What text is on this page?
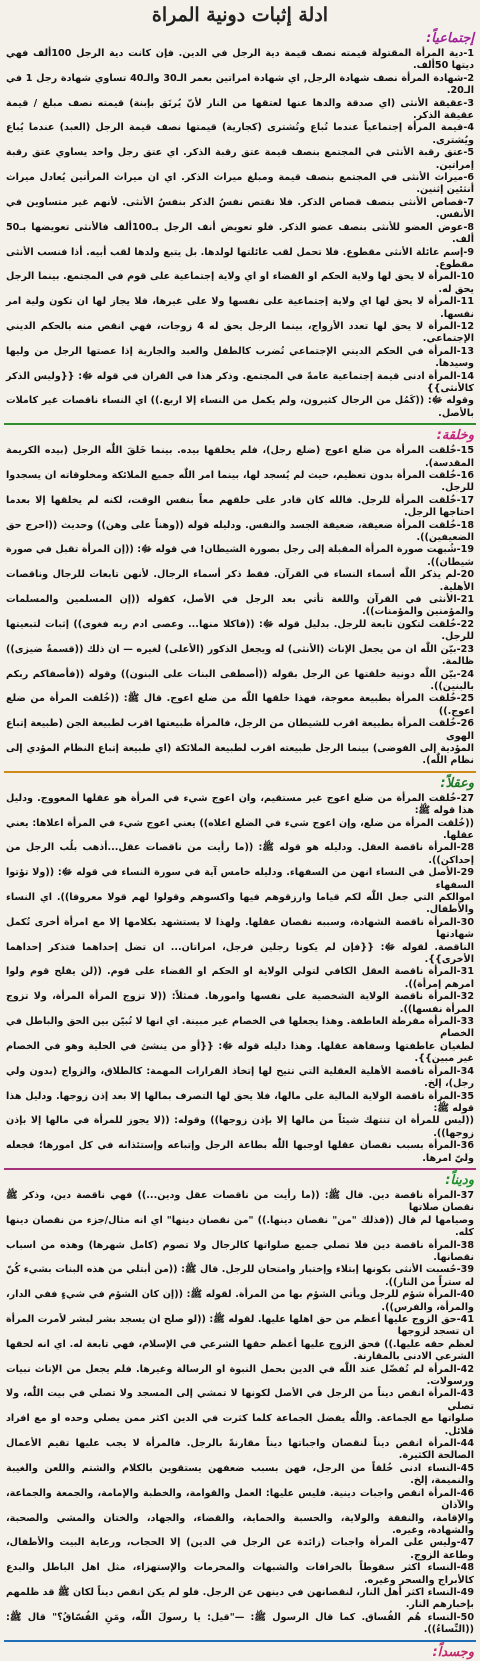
ادلة إثبات دونية المراة
إجتماعياً:
1-دية المرأة المقتولة قيمته نصف قيمة دية الرجل في الدين. فإن كانت دية الرجل 100ألف فهي ديتها 50ألف.
2-شهادة المرأة نصف شهادة الرجل, اي شهادة امراتين بعمر الـ30 والـ40 تساوي شهادة رجل 1 في الـ20.
3-عقيقة الأنثى (اي صدقة والدها عنها لعتقها من النار لأنّ يُرتَق بإبنة) قيمته نصف مبلغ / قيمة عقيقة الذكر.
4-قيمة المرأة إجتماعياً عندما تُباع وتُشترى (كجارية) قيمتها نصف قيمة الرجل (العبد) عندما يُباع ويُشترى.
5-عتق رقبة الأنثى في المجتمع بنصف قيمة عتق رقبة الذكر. اي عتق رجل واحد يساوي عتق رقبة إمراتين.
6-ميراث الأنثى في المجتمع بنصف قيمة ومبلغ ميراث الذكر. اي ان ميراث المرأتين يُعادل ميراث أنثئين إثنين.
7-قصاص الأنثى بنصف قصاص الذكر. فلا نقتص نفسُ الذكر بنفسُ الأنثى. لأنهم غير متساوين في الأنفس.
8-عوض العضو للأنثى بنصف عضو الذكر. فلو تعويض أنف الرجل بـ100ألف فالأنثى تعويضها بـ50 ألف.
9-إسم عائلة الأنثى مقطوع. فلا تحمل لقب عائلتها لولدها. بل يتبع ولدها لقب أبيه. أذا فنسب الأنثى مقطوع.
10-المرأة لا يحق لها ولاية الحكم او القضاء او اي ولاية إجتماعية على قوم في المجتمع. بينما الرجل يحق له.
11-المرأة لا يحق لها اي ولاية إجتماعية على نفسها ولا على غيرها، فلا يجاز لها ان تكون ولية امر نفسها.
12-المرأة لا يحق لها تعدد الأزواج، بينما الرجل يحق له 4 زوجات، فهي انقص منه بالحكم الديني الإجتماعي.
13-المرأة في الحكم الديني الإجتماعي تُضرب كالطفل والعبد والجارية إذا عصتها الرجل من وليها وسيدها.
14-المرأة ادنى قيمة إجتماعية عامةً في المجتمع. وذكر هذا في القران في قوله ﷻ: {{وليس الذكر كالأنثى}}
وقوله ﷻ: ((كَمُل من الرجال كثيرون، ولم يكمل من النساء إلا اربع.)) اي النساء ناقصات غير كاملات بالأصل.
وخلقة:
15-خُلقت المرأة من ضلع اعوج (ضلع رجل)، فلم يخلقها بيده. بينما خَلقَ اللّٰه الرجل (بيده الكريمة المقدسة).
16-خُلقت المرأة بدون تعظيم، حيث لم يُسجد لها، بينما امر اللّٰه جميع الملائكة ومخلوقاته ان يسجدوا للرجل.
17-خُلقت المرأة للرجل. فالله كان قادر على خلقهم معاً بنفس الوقت، لكنه لم يخلقها إلا بعدما احتاجها الرجل.
18-خُلقت المرأة ضعيفة، ضعيفة الجسد والنفس. ودليله قوله ((وهناً على وهن)) وحديث ((احرج حق الضعيفين)).
19-شُبهت صورة المرأة المقبلة إلى رجل بصورة الشيطان! في قوله ﷻ: ((إن المرأة تقبل في صورة شيطان)).
20-لم يذكر اللّٰه أسماء النساء في القرآن. فقط ذكر أسماء الرجال. لأنهن تابعات للرجال وناقصات الأهلية.
21-الأنثى في القرآن واللغة تأتي بعد الرجل في الأصل، كقوله ((إن المسلمين والمسلمات والمؤمنين والمؤمنات)).
22-خُلقت لتكون تابعة للرجل. بدليل قوله ﷻ: ((فاكلا منها... وعصى ادم ربه فغوى)) إثبات لتبعيتها للرجل.
23-بيّن اللّٰه ان من يجعل الإناث (الأنثى) له ويجعل الذكور (الأعلى) لغيره — ان ذلك ((قسمةٌ ضيزى)) ظالمة.
24-بيّن اللّٰه دونية خلقتها عن الرجل بقوله ((أصطفى البنات على البنون)) وقوله ((فأصفاكم ربكم بالبنين)).
25-خُلقت المرأة بطبيعة معوجة، فهذا خلقها اللّٰه من ضلع اعوج. قال ﷺ: ((خُلقت المرأة من ضلع اعوج.))
26-خُلقت المرأة بطبيعة اقرب للشيطان من الرجل، فالمرأة طبيعتها اقرب لطبيعة الجن (طبيعة إتباع الهوى
المؤدية إلى الفوضى) بينما الرجل طبيعته اقرب لطبيعة الملائكة (اي طبيعة إتباع النظام المؤدي إلى نظام اللّٰه).
وعقلاً:
27-خُلقت المرأة من ضلع اعوج غير مستقيم، وان اعوج شيء في المرأة هو عقلها المعووج. ودليل هذا قوله ﷺ:
((خُلقت المرأة من ضلع، وإن اعوج شيء في الضلع اعلاه)) يعني اعوج شيء في المرأة اعلاها: يعني عقلها.
28-المرأة ناقصة العقل. ودليله هو قوله ﷺ: ((ما رأيت من ناقصات عقل...أذهب بلُب الرجل من إحداكن)).
29-الأصل في النساء انهن من السفهاء. ودليله خامس آية في سورة النساء في قوله ﷻ: ((ولا تؤتوا السفهاء
اموالكم التي جعل اللّٰه لكم قياما وارزقوهم فيها واكسوهم وقولوا لهم قولا معروفا)). اي النساء والأطفال.
30-المرأة ناقصة الشهادة، وسببه نقصان عقلها. ولهذا لا يستشهد بكلامها إلا مع امرأة أخرى تُكمل شهادتها
الناقصة. لقوله ﷻ: {{فإن لم يكونا رجلين فرجل، امراتان... ان تضل إحداهما فتذكر إحداهما الأخرى}}.
31-المرأة ناقصة العقل الكافي لتولي الولاية او الحكم او القضاء على قوم. ((لن يفلح قوم ولوا امرهم إمرأة)).
32-المرأة ناقصة الولاية الشخصية على نفسها وامورها. فمثلاً: ((لا تزوج المرأة المرأة، ولا تزوج المرأة نفسها)).
33-المرأة مفرطة العاطفة. وهذا يجعلها في الخصام غير مبينة. اي انها لا تُبيّن بين الحق والباطل في الخصام
لطغيان عاطفتها وسفاهة عقلها. وهذا دليله قوله ﷻ: {{أو من ينشئ في الحلية وهو في الخصام غير مبين}}.
34-المرأة ناقصة الأهلية العقلية التي تتيح لها إتخاذ القرارات المهمة: كالطلاق، والزواج (بدون ولي رجل)، إلخ.
35-المرأة ناقصة الولاية المالية على مالها، فلا يحق لها التصرف بمالها إلا بعد إذن زوجها. ودليل هذا قوله ﷺ:
((ليس للمرأة ان تنتهك شيئاً من مالها إلا بإذن زوجها)) وقوله: ((لا يجوز للمرأة في مالها إلا بإذن زوجها)).
36-المرأة بسبب نقصان عقلها اوجبها اللّٰه بطاعة الرجل وإتباعه وإستئذانه في كل امورها؛ فجعله وليّ امرها.
وديناً:
37-المرأة ناقصة دين. قال ﷺ: ((ما رأيت من ناقصات عقل ودين...)) فهي ناقصة دين، وذكر ﷺ نقصان صلاتها
وصيامها لم قال ((فذلك "من" نقصان دينها.)) "من نقصان دينها" اي انه مثال/جزء من نقصان دينها كله.
38-المرأة ناقصة دين فلا تصلي جميع صلواتها كالرجال ولا تصوم (كامل شهرها) وهذه من اسباب نقصانها.
39-حُسبت الأنثى بكونها إبتلاء وإختبار وامتحان للرجل. قال ﷺ: ((من أبتلي من هذه البنات بشيء كُنّ له ستراً من النار)).
40-المرأة شؤم للرجل ويأتي الشؤم بها من المرأة. لقوله ﷺ: ((إن كان الشؤم في شيءٍ ففي الدار، والمرأة، والفرس)).
41-حق الزوج عليها أعظم من حق اهلها عليها. لقوله ﷺ: ((لو صلح ان يسجد بشر لبشر لأمرت المرأة ان تسجد لزوجها
لعظم حقه عليها.)) فحق الزوج عليها أعظم حقها الشرعي في الإسلام، فهي تابعة له. اي انه لحقها الشرعي الادنى بالمقارنة.
42-المرأة لم تُفضّل عند اللّٰه في الدين بحمل النبوة او الرسالة وغيرها. فلم يجعل من الإناث نبيات ورسولات.
43-المرأة انقص ديناً من الرجل في الأصل لكونها لا تمشي إلى المسجد ولا تصلي في بيت اللّٰه، ولا تصلي
صلواتها مع الجماعة. واللّٰه يفضل الجماعة كلما كثرت في الدين اكثر ممن يصلي وحده او مع افراد قلائل.
44-المرأة انقص ديناً لنقصان واجباتها ديناً مقارنةً بالرجل. فالمرأة لا يجب عليها تقيم الأعمال الصالحة الكثيرة.
45-النساء ادنى خُلقاً من الرجل، فهن بسبب ضعفهن يستقوين بالكلام والشتم واللعن والغيبة والنميمة، إلخ.
46-المرأة انقص واجبات دينية. فليس عليها: العمل والقوامة، والخطبة والإمامة، والجمعة والجماعة، والآذان
والإقامة، والنفقة والولاية، والحسبة والحماية، والقضاء، والجهاد، والختان والمشي والصحبة، والشهادة، وغيره.
47-وليس على المرأة واجبات (زائدة عن الرجل في الدين) إلا الحجاب، ورعاية البيت والأطفال، وطاعة الزوج.
48-النساء اكثر سقوطاً بالخرافات والشبهات والمحرمات والإستهزاء، مثل اهل الباطل والبدع كالأبراج والسحر وغيره.
49-النساء اكثر أهل النار، لنقصانهن في دينهن عن الرجل. فلو لم يكن انقص ديناً لكان ﷺ قد ظلمهم بإخبارهم النار.
50-النساء هُم الفُساق. كما قال الرسول ﷺ: —"قيل: يا رسولَ اللّٰه، ومَنِ الفُسّاقُ؟" قال ﷺ: ((النِّساءُ)).
وجسداً:
